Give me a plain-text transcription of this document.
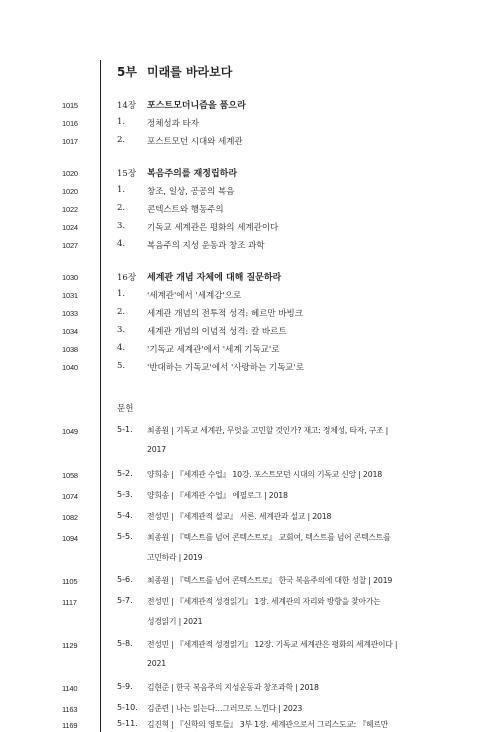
5부 미래를 바라보다
1015	14장 포스트모더니즘을 품으라
1016	1.	정체성과 타자
1017	2.	포스트모던 시대와 세계관
1020	15장 복음주의를 재정립하라
1020	1.	창조, 일상, 공공의 복음
1022	2.	콘텍스트와 행동주의
1024	3.	기독교 세계관은 평화의 세계관이다
1027	4.	복음주의 지성 운동과 창조 과학
1030	16장 세계관 개념 자체에 대해 질문하라
1031	1.	'세계관'에서 '세계감'으로
1033	2.	세계관 개념의 전투적 성격: 헤르만 바빙크
1034	3.	세계관 개념의 이념적 성격: 칼 바르트
1038	4.	'기독교 세계관'에서 '세계 기독교'로
1040	5.	'반대하는 기독교'에서 '사랑하는 기독교'로
문헌
1049	5-1. 최종원 | 기독교 세계관, 무엇을 고민할 것인가? 재고: 정체성, 타자, 구조 |
2017
1058	5-2. 양희송 | 『세계관 수업』 10강. 포스트모던 시대의 기독교 신앙 | 2018
1074	5-3. 양희송 | 『세계관 수업』 에필로그 | 2018
1082	5-4. 전성민 | 『세계관적 설교』 서론. 세계관과 설교 | 2018
1094	5-5. 최종원 | 『텍스트를 넘어 콘텍스트로』 교회여, 텍스트를 넘어 콘텍스트를
고민하라 | 2019
1105	5-6. 최종원 | 『텍스트를 넘어 콘텍스트로』 한국 복음주의에 대한 성찰 | 2019
1117	5-7. 전성민 | 『세계관적 성경읽기』 1장. 세계관의 자리와 방향을 찾아가는
성경읽기 | 2021
1129	5-8. 전성민 | 『세계관적 성경읽기』 12장. 기독교 세계관은 평화의 세계관이다 |
2021
1140	5-9. 김현준 | 한국 복음주의 지성운동과 창조과학 | 2018
1163	5-10. 김준련 | 나는 읽는다…그러므로 느낀다 | 2023
1169	5-11. 김진혁 | 『신학의 영토들』 3부 1장. 세계관으로서 그리스도교: 『헤르만
